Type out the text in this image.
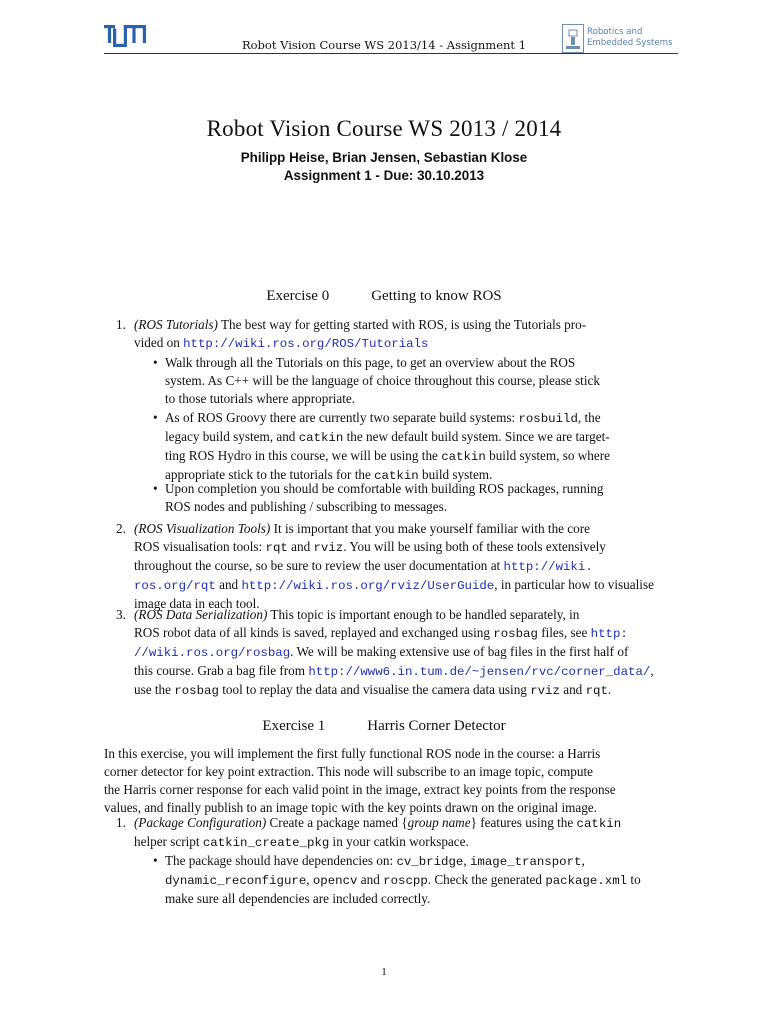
Robot Vision Course WS 2013/14 - Assignment 1
Robotics and
Embedded Systems
Robot Vision Course WS 2013 / 2014
Philipp Heise, Brian Jensen, Sebastian Klose
Assignment 1 - Due: 30.10.2013
Exercise 0	Getting to know ROS
1. (ROS Tutorials) The best way for getting started with ROS, is using the Tutorials pro-
vided on http://wiki.ros.org/ROS/Tutorials
• Walk through all the Tutorials on this page, to get an overview about the ROS
system. As C++ will be the language of choice throughout this course, please stick
to those tutorials where appropriate.
• As of ROS Groovy there are currently two separate build systems: rosbuild, the
legacy build system, and catkin the new default build system. Since we are target-
ting ROS Hydro in this course, we will be using the catkin build system, so where
appropriate stick to the tutorials for the catkin build system.
• Upon completion you should be comfortable with building ROS packages, running
ROS nodes and publishing / subscribing to messages.
2. (ROS Visualization Tools) It is important that you make yourself familiar with the core
ROS visualisation tools: rqt and rviz. You will be using both of these tools extensively
throughout the course, so be sure to review the user documentation at http://wiki.
ros.org/rqt and http://wiki.ros.org/rviz/UserGuide, in particular how to visualise
image data in each tool.
3. (ROS Data Serialization) This topic is important enough to be handled separately, in
ROS robot data of all kinds is saved, replayed and exchanged using rosbag files, see http:
//wiki.ros.org/rosbag. We will be making extensive use of bag files in the first half of
this course. Grab a bag file from http://www6.in.tum.de/~jensen/rvc/corner_data/,
use the rosbag tool to replay the data and visualise the camera data using rviz and rqt.
Exercise 1	Harris Corner Detector
In this exercise, you will implement the first fully functional ROS node in the course: a Harris
corner detector for key point extraction. This node will subscribe to an image topic, compute
the Harris corner response for each valid point in the image, extract key points from the response
values, and finally publish to an image topic with the key points drawn on the original image.
1. (Package Configuration) Create a package named {group name} features using the catkin
helper script catkin_create_pkg in your catkin workspace.
• The package should have dependencies on: cv_bridge, image_transport,
dynamic_reconfigure, opencv and roscpp. Check the generated package.xml to
make sure all dependencies are included correctly.
1
